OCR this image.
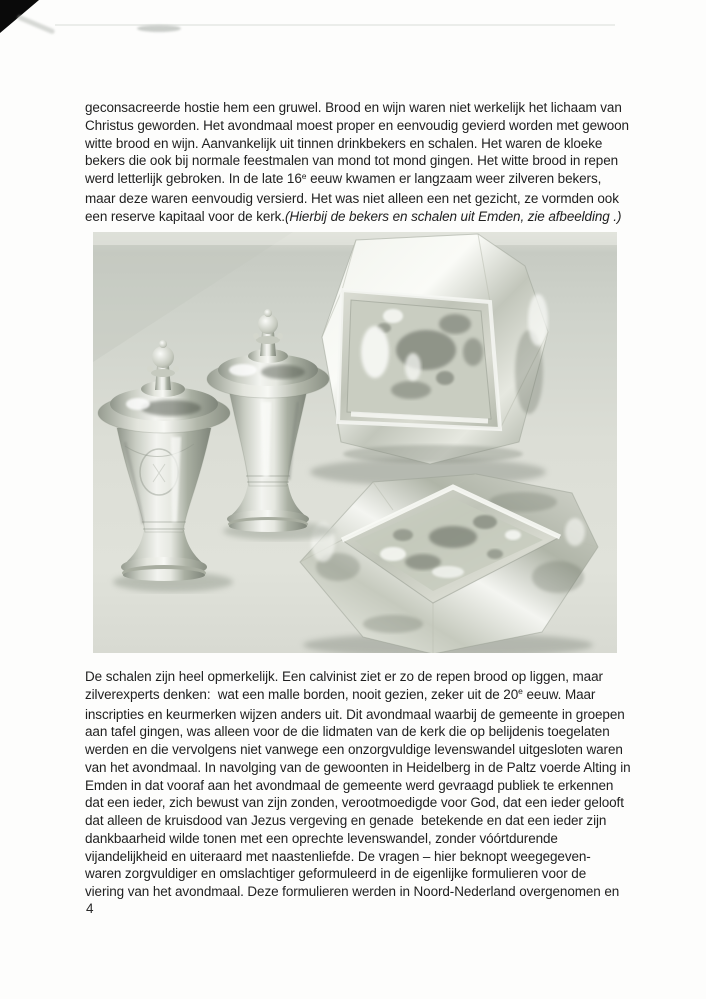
geconsacreerde hostie hem een gruwel. Brood en wijn waren niet werkelijk het lichaam van
Christus geworden. Het avondmaal moest proper en eenvoudig gevierd worden met gewoon
witte brood en wijn. Aanvankelijk uit tinnen drinkbekers en schalen. Het waren de kloeke
bekers die ook bij normale feestmalen van mond tot mond gingen. Het witte brood in repen
werd letterlijk gebroken. In de late 16e eeuw kwamen er langzaam weer zilveren bekers,
maar deze waren eenvoudig versierd. Het was niet alleen een net gezicht, ze vormden ook
een reserve kapitaal voor de kerk.(Hierbij de bekers en schalen uit Emden, zie afbeelding .)
De schalen zijn heel opmerkelijk. Een calvinist ziet er zo de repen brood op liggen, maar
zilverexperts denken:  wat een malle borden, nooit gezien, zeker uit de 20e eeuw. Maar
inscripties en keurmerken wijzen anders uit. Dit avondmaal waarbij de gemeente in groepen
aan tafel gingen, was alleen voor de die lidmaten van de kerk die op belijdenis toegelaten
werden en die vervolgens niet vanwege een onzorgvuldige levenswandel uitgesloten waren
van het avondmaal. In navolging van de gewoonten in Heidelberg in de Paltz voerde Alting in
Emden in dat vooraf aan het avondmaal de gemeente werd gevraagd publiek te erkennen
dat een ieder, zich bewust van zijn zonden, verootmoedigde voor God, dat een ieder gelooft
dat alleen de kruisdood van Jezus vergeving en genade  betekende en dat een ieder zijn
dankbaarheid wilde tonen met een oprechte levenswandel, zonder vóórtdurende
vijandelijkheid en uiteraard met naastenliefde. De vragen – hier beknopt weegegeven-
waren zorgvuldiger en omslachtiger geformuleerd in de eigenlijke formulieren voor de
viering van het avondmaal. Deze formulieren werden in Noord-Nederland overgenomen en
4
